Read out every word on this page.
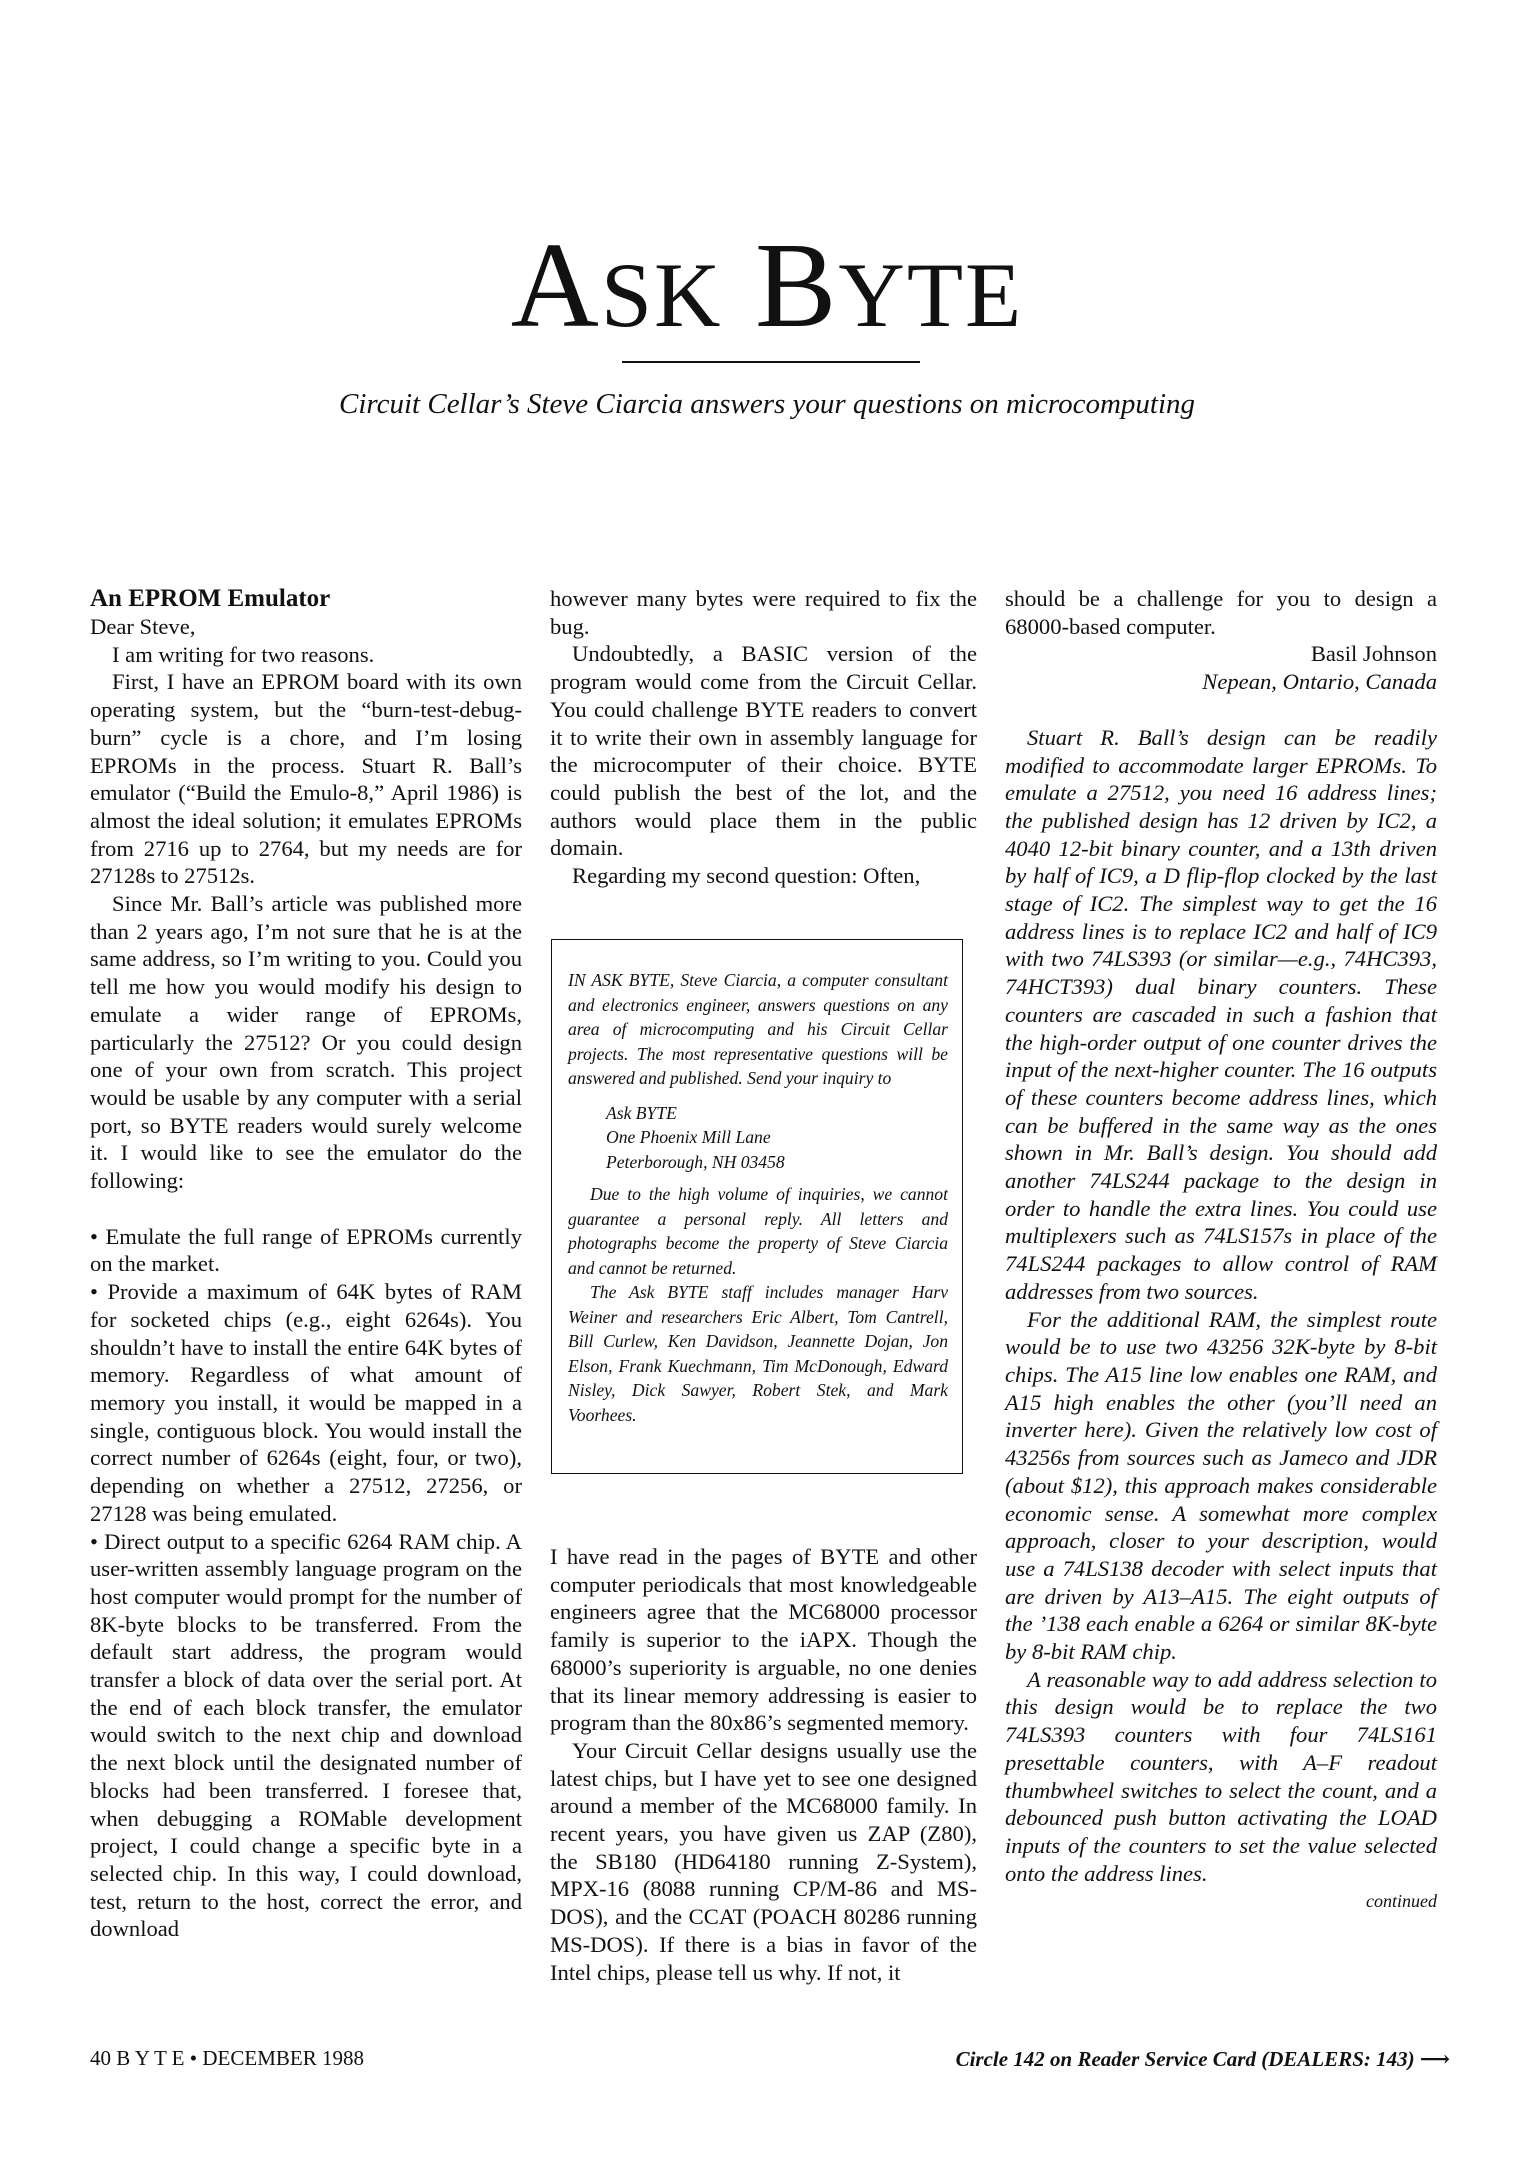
ASK BYTE
Circuit Cellar’s Steve Ciarcia answers your questions on microcomputing
An EPROM Emulator

Dear Steve,

I am writing for two reasons.

First, I have an EPROM board with its own operating system, but the “burn-test-debug-burn” cycle is a chore, and I’m losing EPROMs in the process. Stuart R. Ball’s emulator (“Build the Emulo-8,” April 1986) is almost the ideal solution; it emulates EPROMs from 2716 up to 2764, but my needs are for 27128s to 27512s.

Since Mr. Ball’s article was published more than 2 years ago, I’m not sure that he is at the same address, so I’m writing to you. Could you tell me how you would modify his design to emulate a wider range of EPROMs, particularly the 27512? Or you could design one of your own from scratch. This project would be usable by any computer with a serial port, so BYTE readers would surely welcome it. I would like to see the emulator do the following:

• Emulate the full range of EPROMs currently on the market.
• Provide a maximum of 64K bytes of RAM for socketed chips (e.g., eight 6264s). You shouldn’t have to install the entire 64K bytes of memory. Regardless of what amount of memory you install, it would be mapped in a single, contiguous block. You would install the correct number of 6264s (eight, four, or two), depending on whether a 27512, 27256, or 27128 was being emulated.
• Direct output to a specific 6264 RAM chip. A user-written assembly language program on the host computer would prompt for the number of 8K-byte blocks to be transferred. From the default start address, the program would transfer a block of data over the serial port. At the end of each block transfer, the emulator would switch to the next chip and download the next block until the designated number of blocks had been transferred. I foresee that, when debugging a ROMable development project, I could change a specific byte in a selected chip. In this way, I could download, test, return to the host, correct the error, and download

however many bytes were required to fix the bug.

Undoubtedly, a BASIC version of the program would come from the Circuit Cellar. You could challenge BYTE readers to convert it to write their own in assembly language for the microcomputer of their choice. BYTE could publish the best of the lot, and the authors would place them in the public domain.

Regarding my second question: Often,

I have read in the pages of BYTE and other computer periodicals that most knowledgeable engineers agree that the MC68000 processor family is superior to the iAPX. Though the 68000’s superiority is arguable, no one denies that its linear memory addressing is easier to program than the 80x86’s segmented memory.

Your Circuit Cellar designs usually use the latest chips, but I have yet to see one designed around a member of the MC68000 family. In recent years, you have given us ZAP (Z80), the SB180 (HD64180 running Z-System), MPX-16 (8088 running CP/M-86 and MS-DOS), and the CCAT (POACH 80286 running MS-DOS). If there is a bias in favor of the Intel chips, please tell us why. If not, it

IN ASK BYTE, Steve Ciarcia, a computer consultant and electronics engineer, answers questions on any area of microcomputing and his Circuit Cellar projects. The most representative questions will be answered and published. Send your inquiry to

Ask BYTE
One Phoenix Mill Lane
Peterborough, NH 03458

Due to the high volume of inquiries, we cannot guarantee a personal reply. All letters and photographs become the property of Steve Ciarcia and cannot be returned.

The Ask BYTE staff includes manager Harv Weiner and researchers Eric Albert, Tom Cantrell, Bill Curlew, Ken Davidson, Jeannette Dojan, Jon Elson, Frank Kuechmann, Tim McDonough, Edward Nisley, Dick Sawyer, Robert Stek, and Mark Voorhees.

should be a challenge for you to design a 68000-based computer.

Basil Johnson
Nepean, Ontario, Canada

Stuart R. Ball’s design can be readily modified to accommodate larger EPROMs. To emulate a 27512, you need 16 address lines; the published design has 12 driven by IC2, a 4040 12-bit binary counter, and a 13th driven by half of IC9, a D flip-flop clocked by the last stage of IC2. The simplest way to get the 16 address lines is to replace IC2 and half of IC9 with two 74LS393 (or similar—e.g., 74HC393, 74HCT393) dual binary counters. These counters are cascaded in such a fashion that the high-order output of one counter drives the input of the next-higher counter. The 16 outputs of these counters become address lines, which can be buffered in the same way as the ones shown in Mr. Ball’s design. You should add another 74LS244 package to the design in order to handle the extra lines. You could use multiplexers such as 74LS157s in place of the 74LS244 packages to allow control of RAM addresses from two sources.

For the additional RAM, the simplest route would be to use two 43256 32K-byte by 8-bit chips. The A15 line low enables one RAM, and A15 high enables the other (you’ll need an inverter here). Given the relatively low cost of 43256s from sources such as Jameco and JDR (about $12), this approach makes considerable economic sense. A somewhat more complex approach, closer to your description, would use a 74LS138 decoder with select inputs that are driven by A13–A15. The eight outputs of the ’138 each enable a 6264 or similar 8K-byte by 8-bit RAM chip.

A reasonable way to add address selection to this design would be to replace the two 74LS393 counters with four 74LS161 presettable counters, with A–F readout thumbwheel switches to select the count, and a debounced push button activating the LOAD inputs of the counters to set the value selected onto the address lines.

continued
40 B Y T E • DECEMBER 1988	Circle 142 on Reader Service Card (DEALERS: 143) ⟶
